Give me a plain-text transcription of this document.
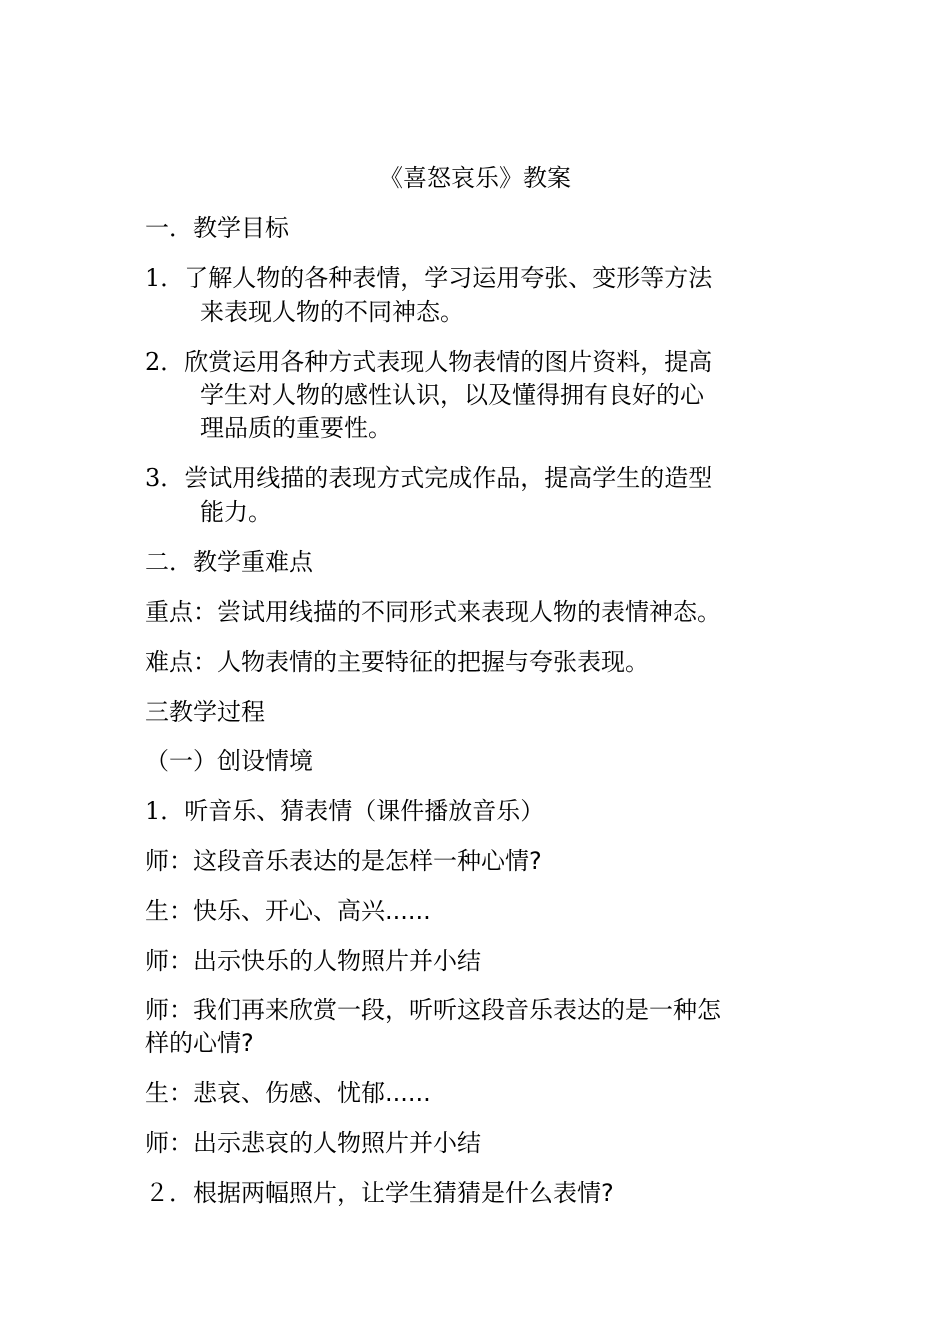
《喜怒哀乐》教案

一．教学目标

1．了解人物的各种表情，学习运用夸张、变形等方法

来表现人物的不同神态。

2．欣赏运用各种方式表现人物表情的图片资料，提高

学生对人物的感性认识，以及懂得拥有良好的心

理品质的重要性。

3．尝试用线描的表现方式完成作品，提高学生的造型

能力。

二．教学重难点

重点：尝试用线描的不同形式来表现人物的表情神态。

难点：人物表情的主要特征的把握与夸张表现。

三教学过程

（一）创设情境

1．听音乐、猜表情（课件播放音乐）

师：这段音乐表达的是怎样一种心情?

生：快乐、开心、高兴......

师：出示快乐的人物照片并小结

师：我们再来欣赏一段，听听这段音乐表达的是一种怎

样的心情?

生：悲哀、伤感、忧郁......

师：出示悲哀的人物照片并小结

２．根据两幅照片，让学生猜猜是什么表情?
